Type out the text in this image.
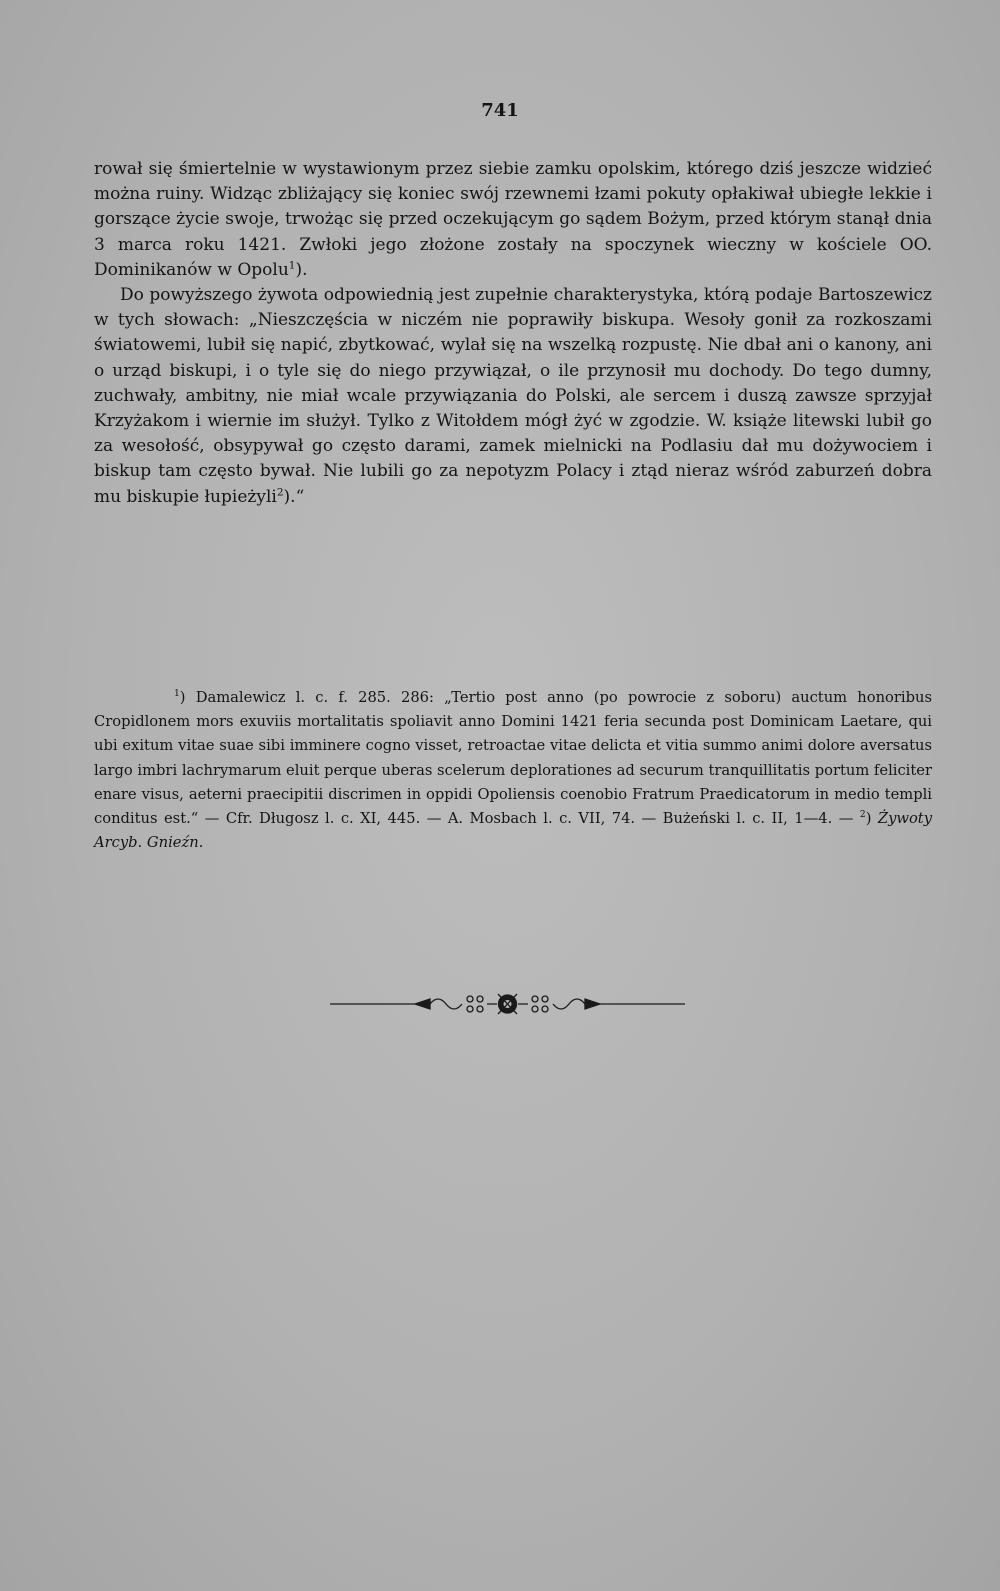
741

rował się śmiertelnie w wystawionym przez siebie zamku opolskim, którego dziś jeszcze widzieć można ruiny. Widząc zbliżający się koniec swój rzewnemi łzami pokuty opłakiwał ubiegłe lekkie i gorszące życie swoje, trwożąc się przed oczekującym go sądem Bożym, przed którym stanął dnia 3 marca roku 1421. Zwłoki jego złożone zostały na spoczynek wieczny w kościele OO. Dominikanów w Opolu$^1$).

Do powyższego żywota odpowiednią jest zupełnie charakterystyka, którą podaje Bartoszewicz w tych słowach: „Nieszczęścia w niczém nie poprawiły biskupa. Wesoły gonił za rozkoszami światowemi, lubił się napić, zbytkować, wylał się na wszelką rozpustę. Nie dbał ani o kanony, ani o urząd biskupi, i o tyle się do niego przywiązał, o ile przynosił mu dochody. Do tego dumny, zuchwały, ambitny, nie miał wcale przywiązania do Polski, ale sercem i duszą zawsze sprzyjał Krzyżakom i wiernie im służył. Tylko z Witołdem mógł żyć w zgodzie. W. książe litewski lubił go za wesołość, obsypywał go często darami, zamek mielnicki na Podlasiu dał mu dożywociem i biskup tam często bywał. Nie lubili go za nepotyzm Polacy i ztąd nieraz wśród zaburzeń dobra mu biskupie łupieżyli$^2$).“

$^1$) Damalewicz l. c. f. 285. 286: „Tertio post anno (po powrocie z soboru) auctum honoribus Cropidlonem mors exuviis mortalitatis spoliavit anno Domini 1421 feria secunda post Dominicam Laetare, qui ubi exitum vitae suae sibi imminere cogno visset, retroactae vitae delicta et vitia summo animi dolore aversatus largo imbri lachrymarum eluit perque uberas scelerum deplorationes ad securum tranquillitatis portum feliciter enare visus, aeterni praecipitii discrimen in oppidi Opoliensis coenobio Fratrum Praedicatorum in medio templi conditus est.“ — Cfr. Długosz l. c. XI, 445. — A. Mosbach l. c. VII, 74. — Bużeński l. c. II, 1—4. — $^2$) Żywoty Arcyb. Gnieźn.
